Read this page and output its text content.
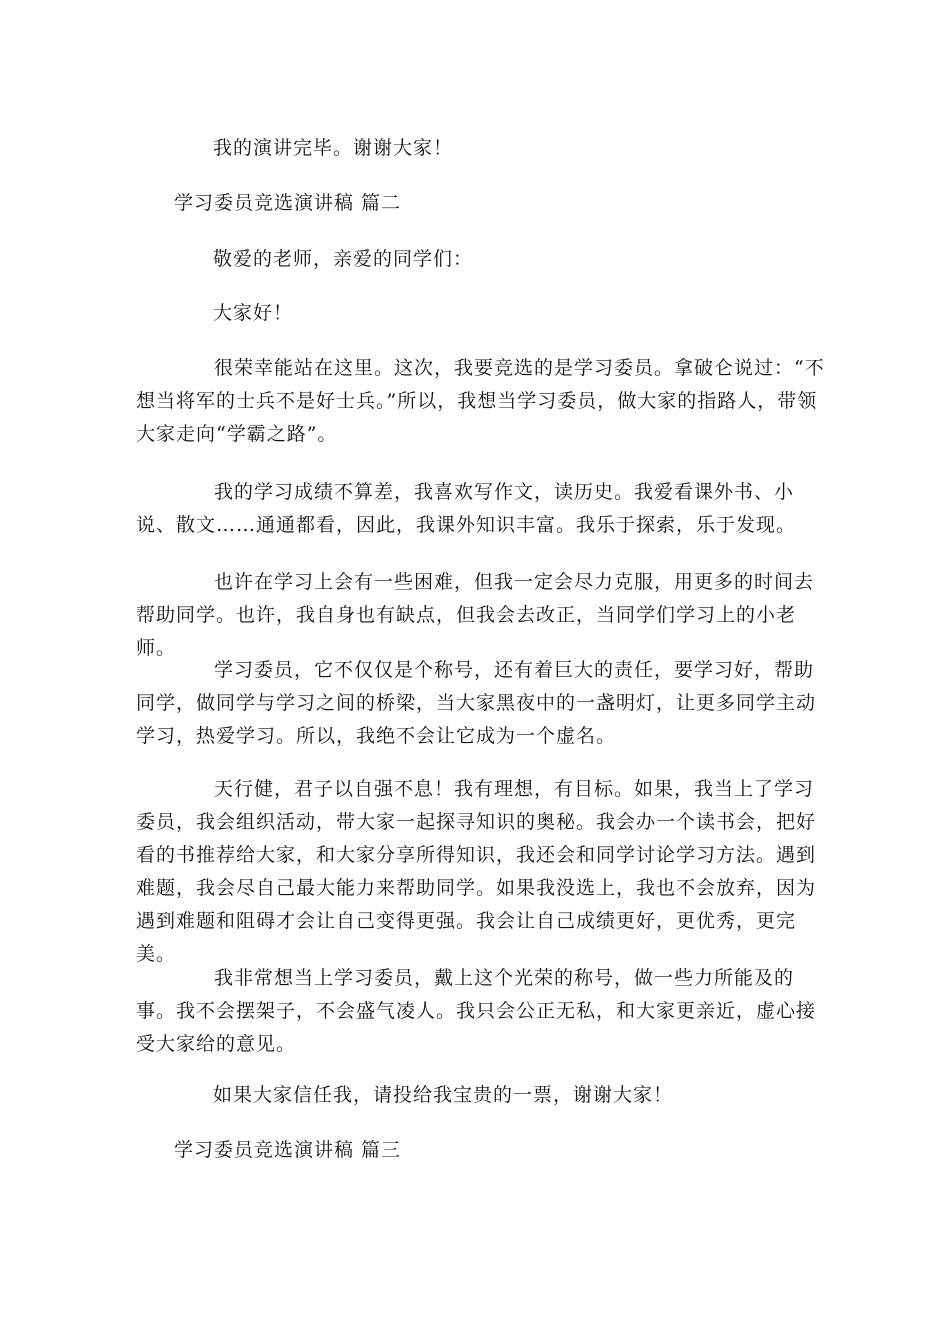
我的演讲完毕。谢谢大家！

学习委员竞选演讲稿 篇二

敬爱的老师，亲爱的同学们：

大家好！

很荣幸能站在这里。这次，我要竞选的是学习委员。拿破仑说过：“不想当将军的士兵不是好士兵。”所以，我想当学习委员，做大家的指路人，带领大家走向“学霸之路”。

我的学习成绩不算差，我喜欢写作文，读历史。我爱看课外书、小说、散文……通通都看，因此，我课外知识丰富。我乐于探索，乐于发现。

也许在学习上会有一些困难，但我一定会尽力克服，用更多的时间去帮助同学。也许，我自身也有缺点，但我会去改正，当同学们学习上的小老师。

学习委员，它不仅仅是个称号，还有着巨大的责任，要学习好，帮助同学，做同学与学习之间的桥梁，当大家黑夜中的一盏明灯，让更多同学主动学习，热爱学习。所以，我绝不会让它成为一个虚名。

天行健，君子以自强不息！我有理想，有目标。如果，我当上了学习委员，我会组织活动，带大家一起探寻知识的奥秘。我会办一个读书会，把好看的书推荐给大家，和大家分享所得知识，我还会和同学讨论学习方法。遇到难题，我会尽自己最大能力来帮助同学。如果我没选上，我也不会放弃，因为遇到难题和阻碍才会让自己变得更强。我会让自己成绩更好，更优秀，更完美。

我非常想当上学习委员，戴上这个光荣的称号，做一些力所能及的事。我不会摆架子，不会盛气凌人。我只会公正无私，和大家更亲近，虚心接受大家给的意见。

如果大家信任我，请投给我宝贵的一票，谢谢大家！

学习委员竞选演讲稿 篇三
